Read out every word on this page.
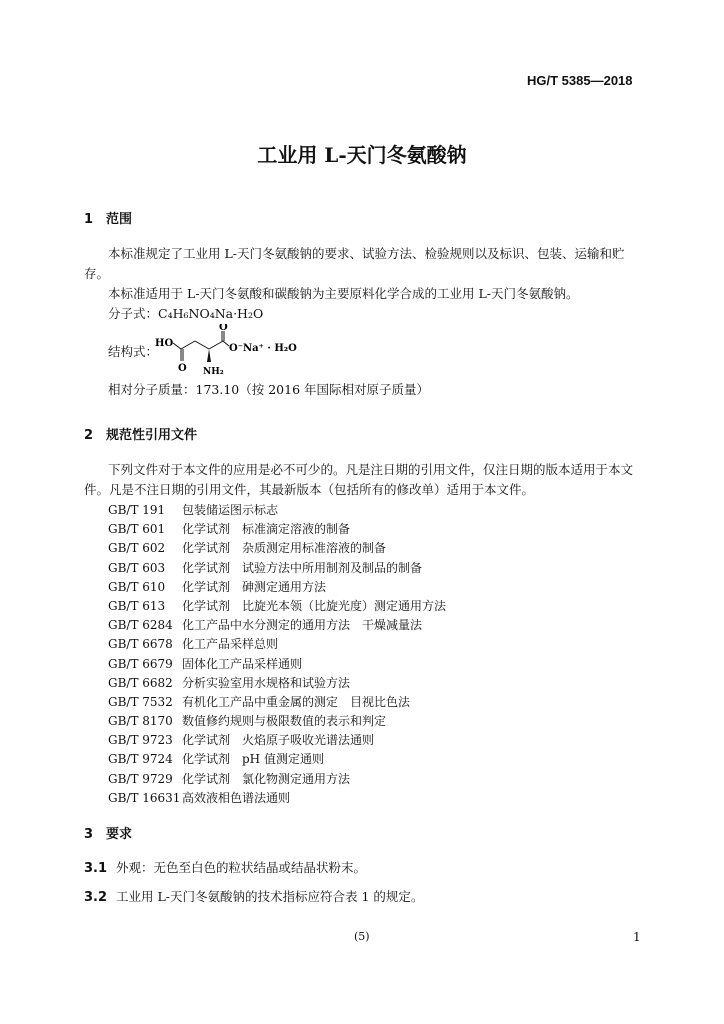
HG/T 5385—2018
工业用 L-天门冬氨酸钠
1　范围
本标准规定了工业用 L-天门冬氨酸钠的要求、试验方法、检验规则以及标识、包装、运输和贮存。
本标准适用于 L-天门冬氨酸和碳酸钠为主要原料化学合成的工业用 L-天门冬氨酸钠。
分子式：C₄H₆NO₄Na·H₂O
结构式：
HO
O NH₂
O
O⁻Na⁺ · H₂O
相对分子质量：173.10（按 2016 年国际相对原子质量）
2　规范性引用文件
下列文件对于本文件的应用是必不可少的。凡是注日期的引用文件，仅注日期的版本适用于本文件。凡是不注日期的引用文件，其最新版本（包括所有的修改单）适用于本文件。
GB/T 191 包装储运图示标志
GB/T 601 化学试剂　标准滴定溶液的制备
GB/T 602 化学试剂　杂质测定用标准溶液的制备
GB/T 603 化学试剂　试验方法中所用制剂及制品的制备
GB/T 610 化学试剂　砷测定通用方法
GB/T 613 化学试剂　比旋光本领（比旋光度）测定通用方法
GB/T 6284 化工产品中水分测定的通用方法　干燥减量法
GB/T 6678 化工产品采样总则
GB/T 6679 固体化工产品采样通则
GB/T 6682 分析实验室用水规格和试验方法
GB/T 7532 有机化工产品中重金属的测定　目视比色法
GB/T 8170 数值修约规则与极限数值的表示和判定
GB/T 9723 化学试剂　火焰原子吸收光谱法通则
GB/T 9724 化学试剂　pH 值测定通则
GB/T 9729 化学试剂　氯化物测定通用方法
GB/T 16631 高效液相色谱法通则
3　要求
3.1 外观：无色至白色的粒状结晶或结晶状粉末。
3.2 工业用 L-天门冬氨酸钠的技术指标应符合表 1 的规定。
(5)	1
